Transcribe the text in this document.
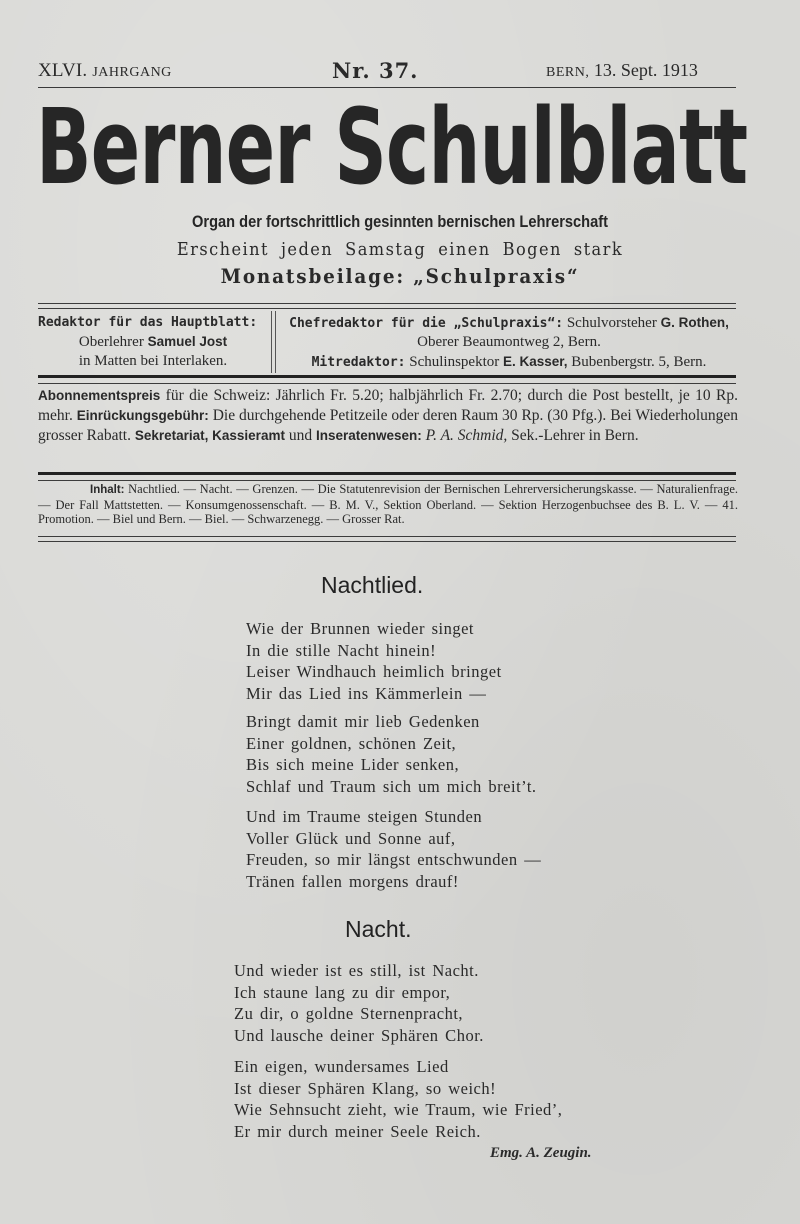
XLVI. JAHRGANG	Nr. 37.	BERN, 13. Sept. 1913
Berner Schulblatt
Organ der fortschrittlich gesinnten bernischen Lehrerschaft
Erscheint jeden Samstag einen Bogen stark
Monatsbeilage: „Schulpraxis“
Redaktor für das Hauptblatt:
Oberlehrer Samuel Jost
in Matten bei Interlaken.
Chefredaktor für die „Schulpraxis“: Schulvorsteher G. Rothen,
Oberer Beaumontweg 2, Bern.
Mitredaktor: Schulinspektor E. Kasser, Bubenbergstr. 5, Bern.
Abonnementspreis für die Schweiz: Jährlich Fr. 5.20; halbjährlich Fr. 2.70; durch die Post bestellt, je 10 Rp. mehr. Einrückungsgebühr: Die durchgehende Petitzeile oder deren Raum 30 Rp. (30 Pfg.). Bei Wiederholungen grosser Rabatt. Sekretariat, Kassieramt und Inseratenwesen: P. A. Schmid, Sek.-Lehrer in Bern.
Inhalt: Nachtlied. — Nacht. — Grenzen. — Die Statutenrevision der Bernischen Lehrerversicherungskasse. — Naturalienfrage. — Der Fall Mattstetten. — Konsumgenossenschaft. — B. M. V., Sektion Oberland. — Sektion Herzogenbuchsee des B. L. V. — 41. Promotion. — Biel und Bern. — Biel. — Schwarzenegg. — Grosser Rat.
Nachtlied.
Wie der Brunnen wieder singet
In die stille Nacht hinein!
Leiser Windhauch heimlich bringet
Mir das Lied ins Kämmerlein —
Bringt damit mir lieb Gedenken
Einer goldnen, schönen Zeit,
Bis sich meine Lider senken,
Schlaf und Traum sich um mich breit’t.
Und im Traume steigen Stunden
Voller Glück und Sonne auf,
Freuden, so mir längst entschwunden —
Tränen fallen morgens drauf!
Nacht.
Und wieder ist es still, ist Nacht.
Ich staune lang zu dir empor,
Zu dir, o goldne Sternenpracht,
Und lausche deiner Sphären Chor.
Ein eigen, wundersames Lied
Ist dieser Sphären Klang, so weich!
Wie Sehnsucht zieht, wie Traum, wie Fried’,
Er mir durch meiner Seele Reich.
Emg. A. Zeugin.
